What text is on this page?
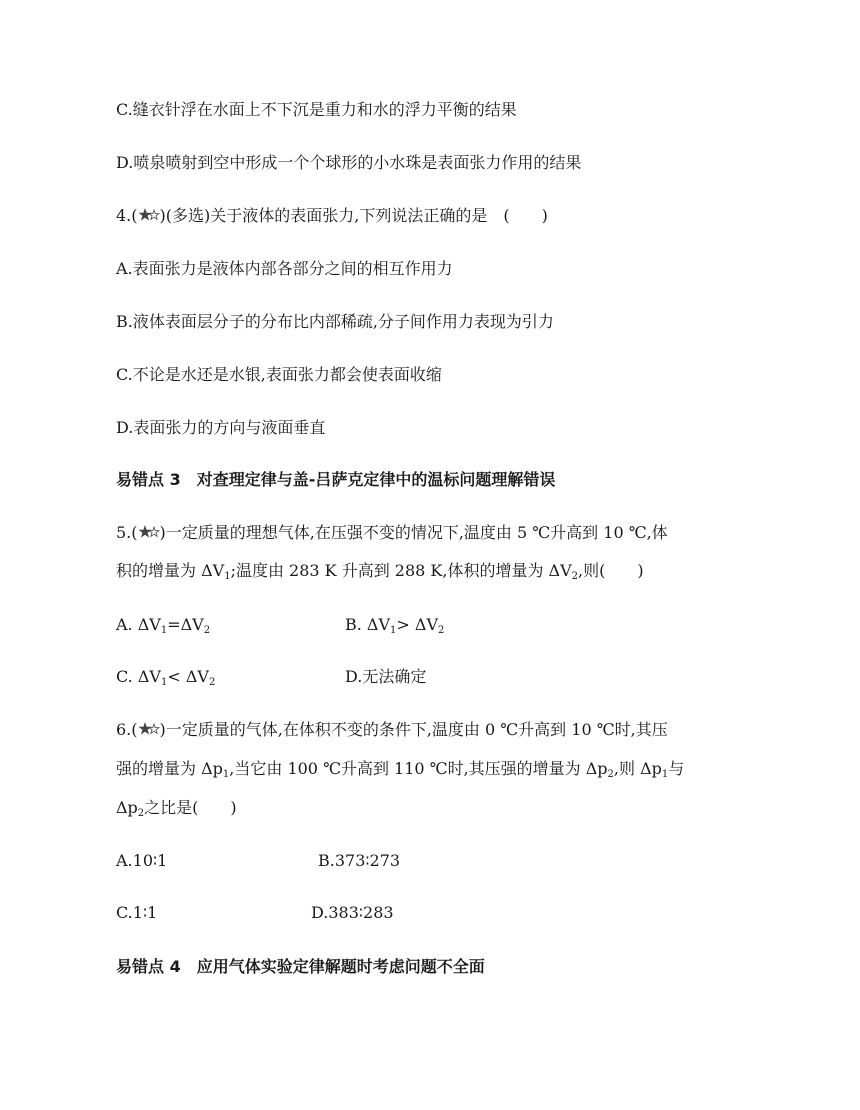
C.缝衣针浮在水面上不下沉是重力和水的浮力平衡的结果
D.喷泉喷射到空中形成一个个球形的小水珠是表面张力作用的结果
4.( )(多选)关于液体的表面张力,下列说法正确的是　(　　)
A.表面张力是液体内部各部分之间的相互作用力
B.液体表面层分子的分布比内部稀疏,分子间作用力表现为引力
C.不论是水还是水银,表面张力都会使表面收缩
D.表面张力的方向与液面垂直
易错点 3　对查理定律与盖-吕萨克定律中的温标问题理解错误
5.( )一定质量的理想气体,在压强不变的情况下,温度由 5 ℃升高到 10 ℃,体
积的增量为 $\Delta V_1$;温度由 283 K 升高到 288 K,体积的增量为 $\Delta V_2$,则(　　)
A. $\Delta V_1=\Delta V_2$	B. $\Delta V_1> \Delta V_2$
C. $\Delta V_1< \Delta V_2$	D.无法确定
6.( )一定质量的气体,在体积不变的条件下,温度由 0 ℃升高到 10 ℃时,其压
强的增量为 $\Delta p_1$,当它由 100 ℃升高到 110 ℃时,其压强的增量为 $\Delta p_2$,则 $\Delta p_1$与
$\Delta p_2$之比是(　　)
A.10∶1	B.373∶273
C.1∶1	D.383∶283
易错点 4　应用气体实验定律解题时考虑问题不全面
